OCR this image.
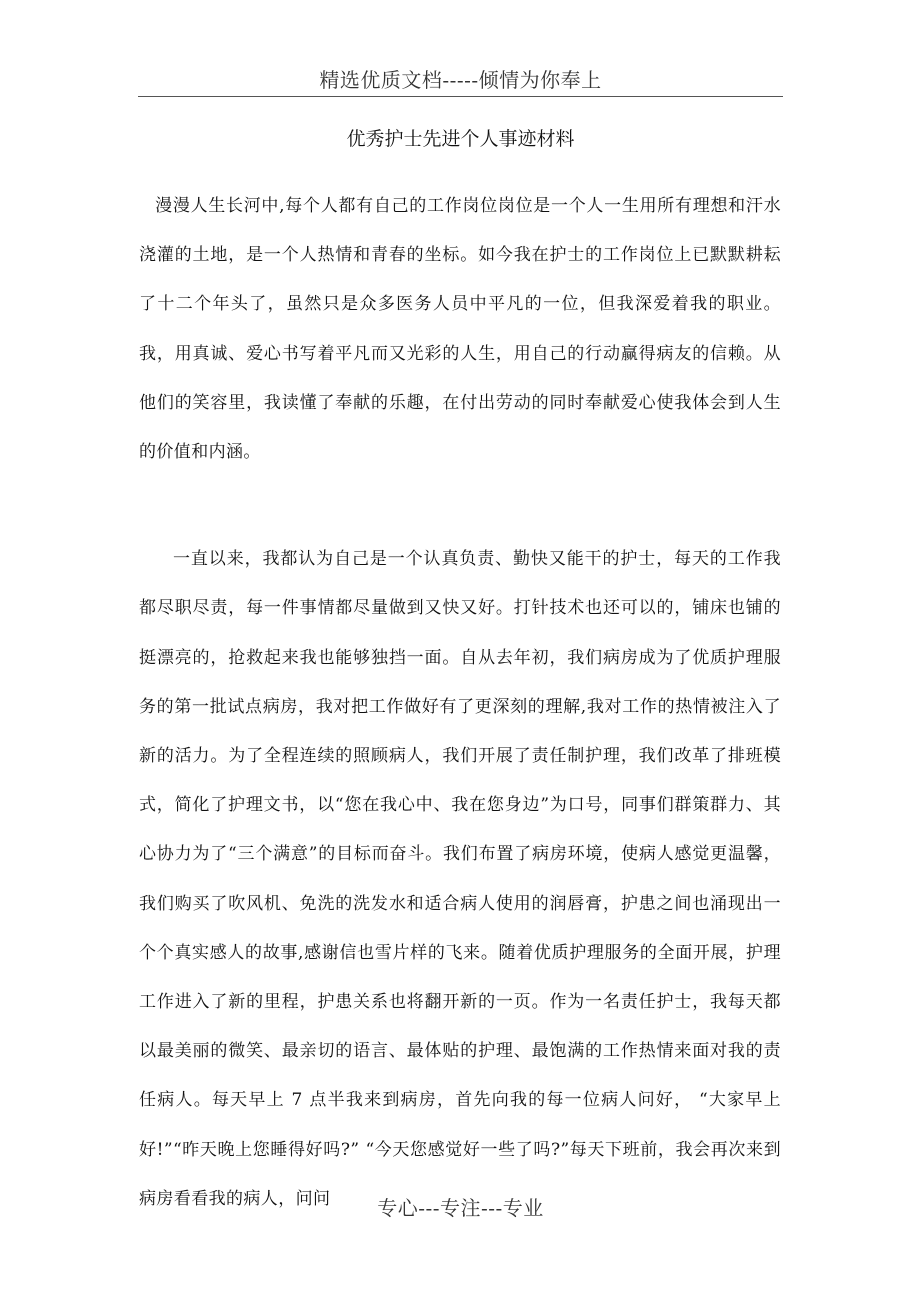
精选优质文档-----倾情为你奉上
优秀护士先进个人事迹材料

漫漫人生长河中,每个人都有自己的工作岗位岗位是一个人一生用所有理想和汗水浇灌的土地，是一个人热情和青春的坐标。如今我在护士的工作岗位上已默默耕耘了十二个年头了，虽然只是众多医务人员中平凡的一位，但我深爱着我的职业。我，用真诚、爱心书写着平凡而又光彩的人生，用自己的行动赢得病友的信赖。从他们的笑容里，我读懂了奉献的乐趣，在付出劳动的同时奉献爱心使我体会到人生的价值和内涵。

一直以来，我都认为自己是一个认真负责、勤快又能干的护士，每天的工作我都尽职尽责，每一件事情都尽量做到又快又好。打针技术也还可以的，铺床也铺的挺漂亮的，抢救起来我也能够独挡一面。自从去年初，我们病房成为了优质护理服务的第一批试点病房，我对把工作做好有了更深刻的理解,我对工作的热情被注入了新的活力。为了全程连续的照顾病人，我们开展了责任制护理，我们改革了排班模式，简化了护理文书，以“您在我心中、我在您身边”为口号，同事们群策群力、其心协力为了“三个满意”的目标而奋斗。我们布置了病房环境，使病人感觉更温馨，我们购买了吹风机、免洗的洗发水和适合病人使用的润唇膏，护患之间也涌现出一个个真实感人的故事,感谢信也雪片样的飞来。随着优质护理服务的全面开展，护理工作进入了新的里程，护患关系也将翻开新的一页。作为一名责任护士，我每天都以最美丽的微笑、最亲切的语言、最体贴的护理、最饱满的工作热情来面对我的责任病人。每天早上 7 点半我来到病房，首先向我的每一位病人问好， “大家早上好!”“昨天晚上您睡得好吗?” “今天您感觉好一些了吗?”每天下班前，我会再次来到病房看看我的病人，问问	专心---专注---专业
